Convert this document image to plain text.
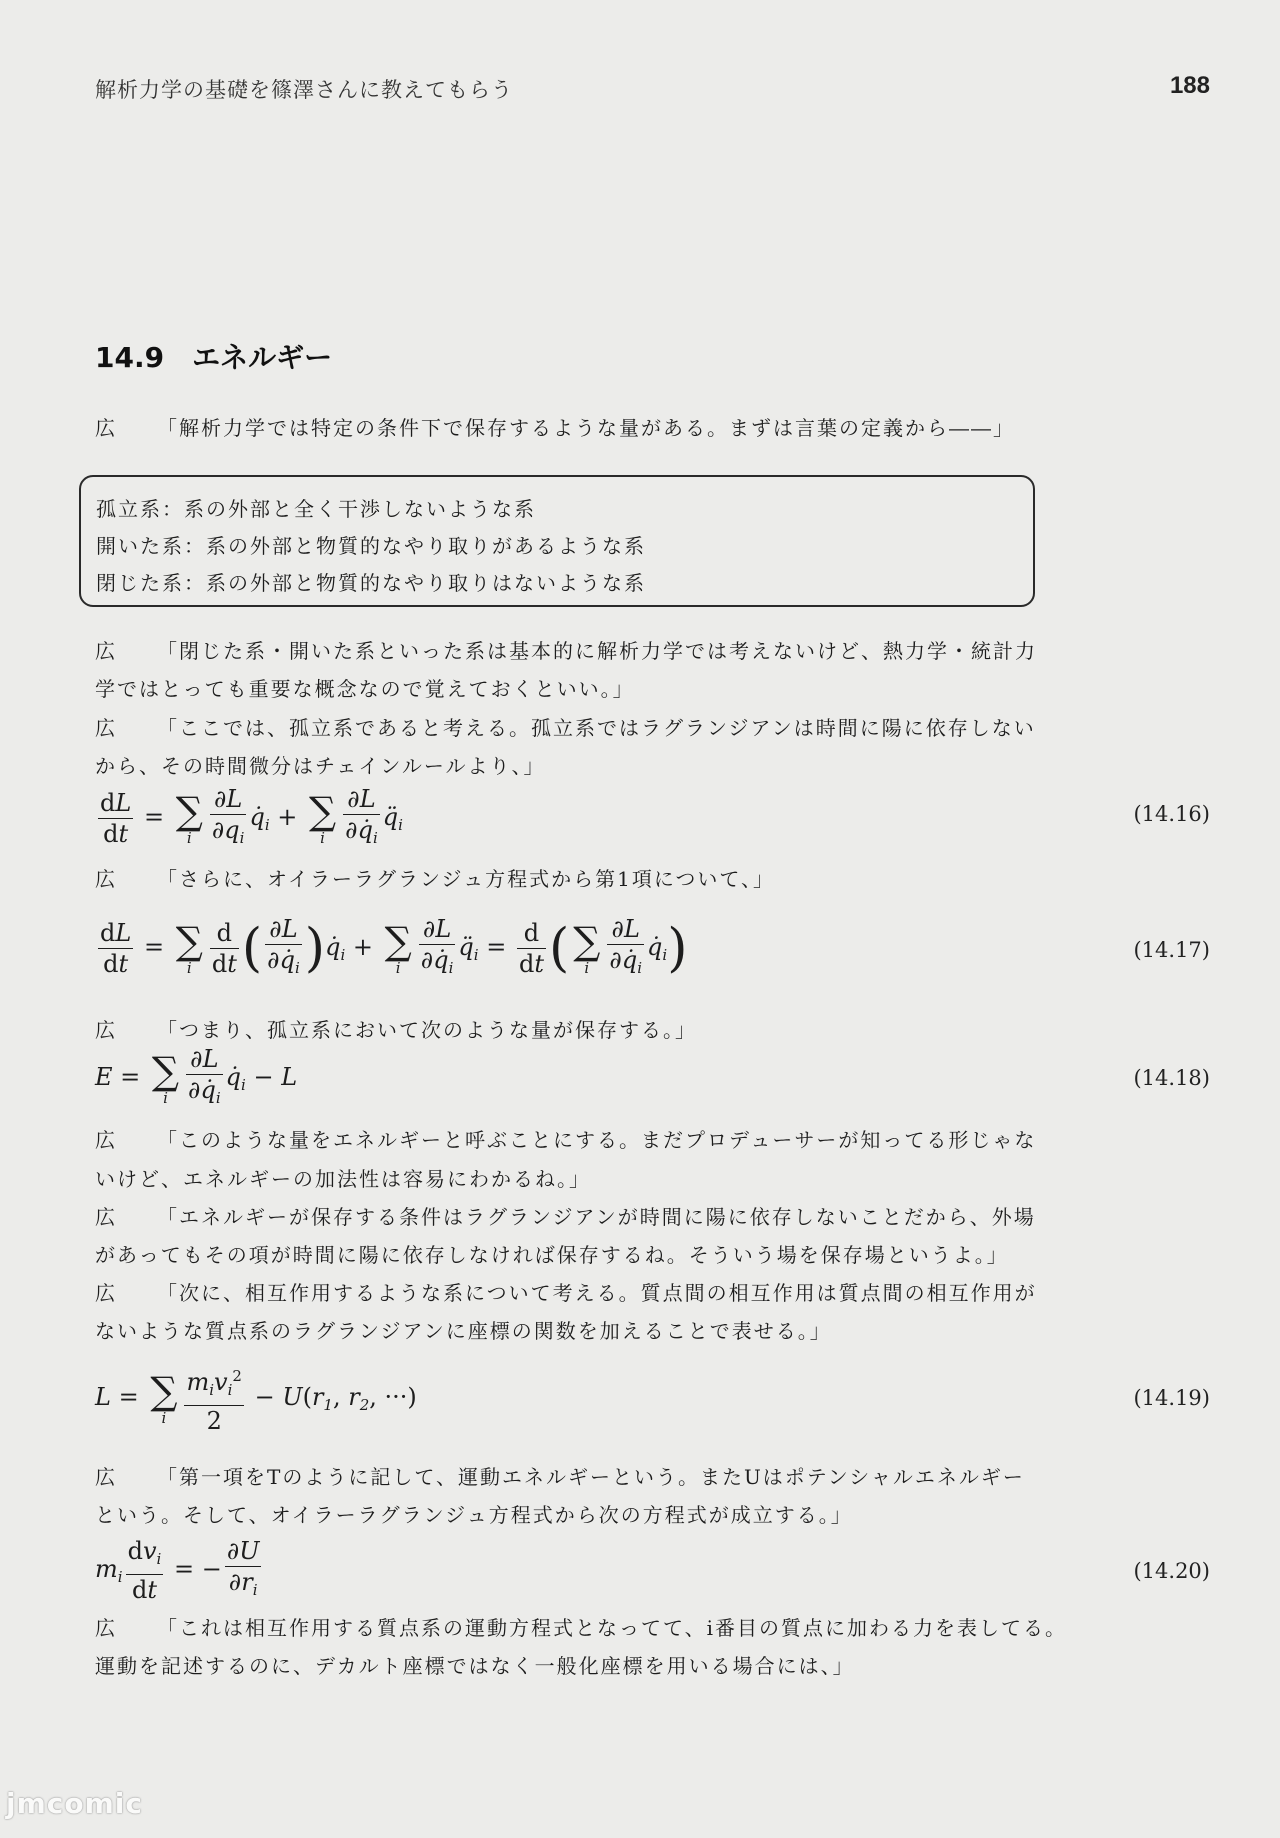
解析力学の基礎を篠澤さんに教えてもらう	188
14.9 エネルギー
広 「解析力学では特定の条件下で保存するような量がある。まずは言葉の定義から――」
孤立系：系の外部と全く干渉しないような系
開いた系：系の外部と物質的なやり取りがあるような系
閉じた系：系の外部と物質的なやり取りはないような系
広 「閉じた系・開いた系といった系は基本的に解析力学では考えないけど、熱力学・統計力
学ではとっても重要な概念なので覚えておくといい。」
広 「ここでは、孤立系であると考える。孤立系ではラグランジアンは時間に陽に依存しない
から、その時間微分はチェインルールより、」
$\frac{dL}{dt}$ = ∑
i $\frac{\partial L}{\partial q_i}$ $q̇_i$ + ∑
i $\frac{\partial L}{\partial q̇_i}$ $q̈_i$	(14.16)
広 「さらに、オイラーラグランジュ方程式から第1項について、」
$\frac{dL}{dt}$ = ∑
i $\frac{d}{dt}$ ( $\frac{\partial L}{\partial q̇_i}$ )$q̇_i$ + ∑
i $\frac{\partial L}{\partial q̇_i}$ $q̈_i = \frac{d}{dt}$ ( ∑
i $\frac{\partial L}{\partial q̇_i}$ $q̇_i$)	(14.17)
広 「つまり、孤立系において次のような量が保存する。」
E = ∑
i $\frac{\partial L}{\partial q̇_i}$ $q̇_i - L$	(14.18)
広 「このような量をエネルギーと呼ぶことにする。まだプロデューサーが知ってる形じゃな
いけど、エネルギーの加法性は容易にわかるね。」
広 「エネルギーが保存する条件はラグランジアンが時間に陽に依存しないことだから、外場
があってもその項が時間に陽に依存しなければ保存するね。そういう場を保存場というよ。」
広 「次に、相互作用するような系について考える。質点間の相互作用は質点間の相互作用が
ないような質点系のラグランジアンに座標の関数を加えることで表せる。」
L = ∑
i $\frac{m_iv_i^2}{2} - U(r_1$, $r_2$, ···)	(14.19)
広 「第一項をTのように記して、運動エネルギーという。またUはポテンシャルエネルギー
という。そして、オイラーラグランジュ方程式から次の方程式が成立する。」
$m_i \frac{dv_i}{dt}$ = − $\frac{\partial U}{\partial r_i}$	(14.20)
広 「これは相互作用する質点系の運動方程式となってて、i番目の質点に加わる力を表してる。
運動を記述するのに、デカルト座標ではなく一般化座標を用いる場合には、」
jmcomic
